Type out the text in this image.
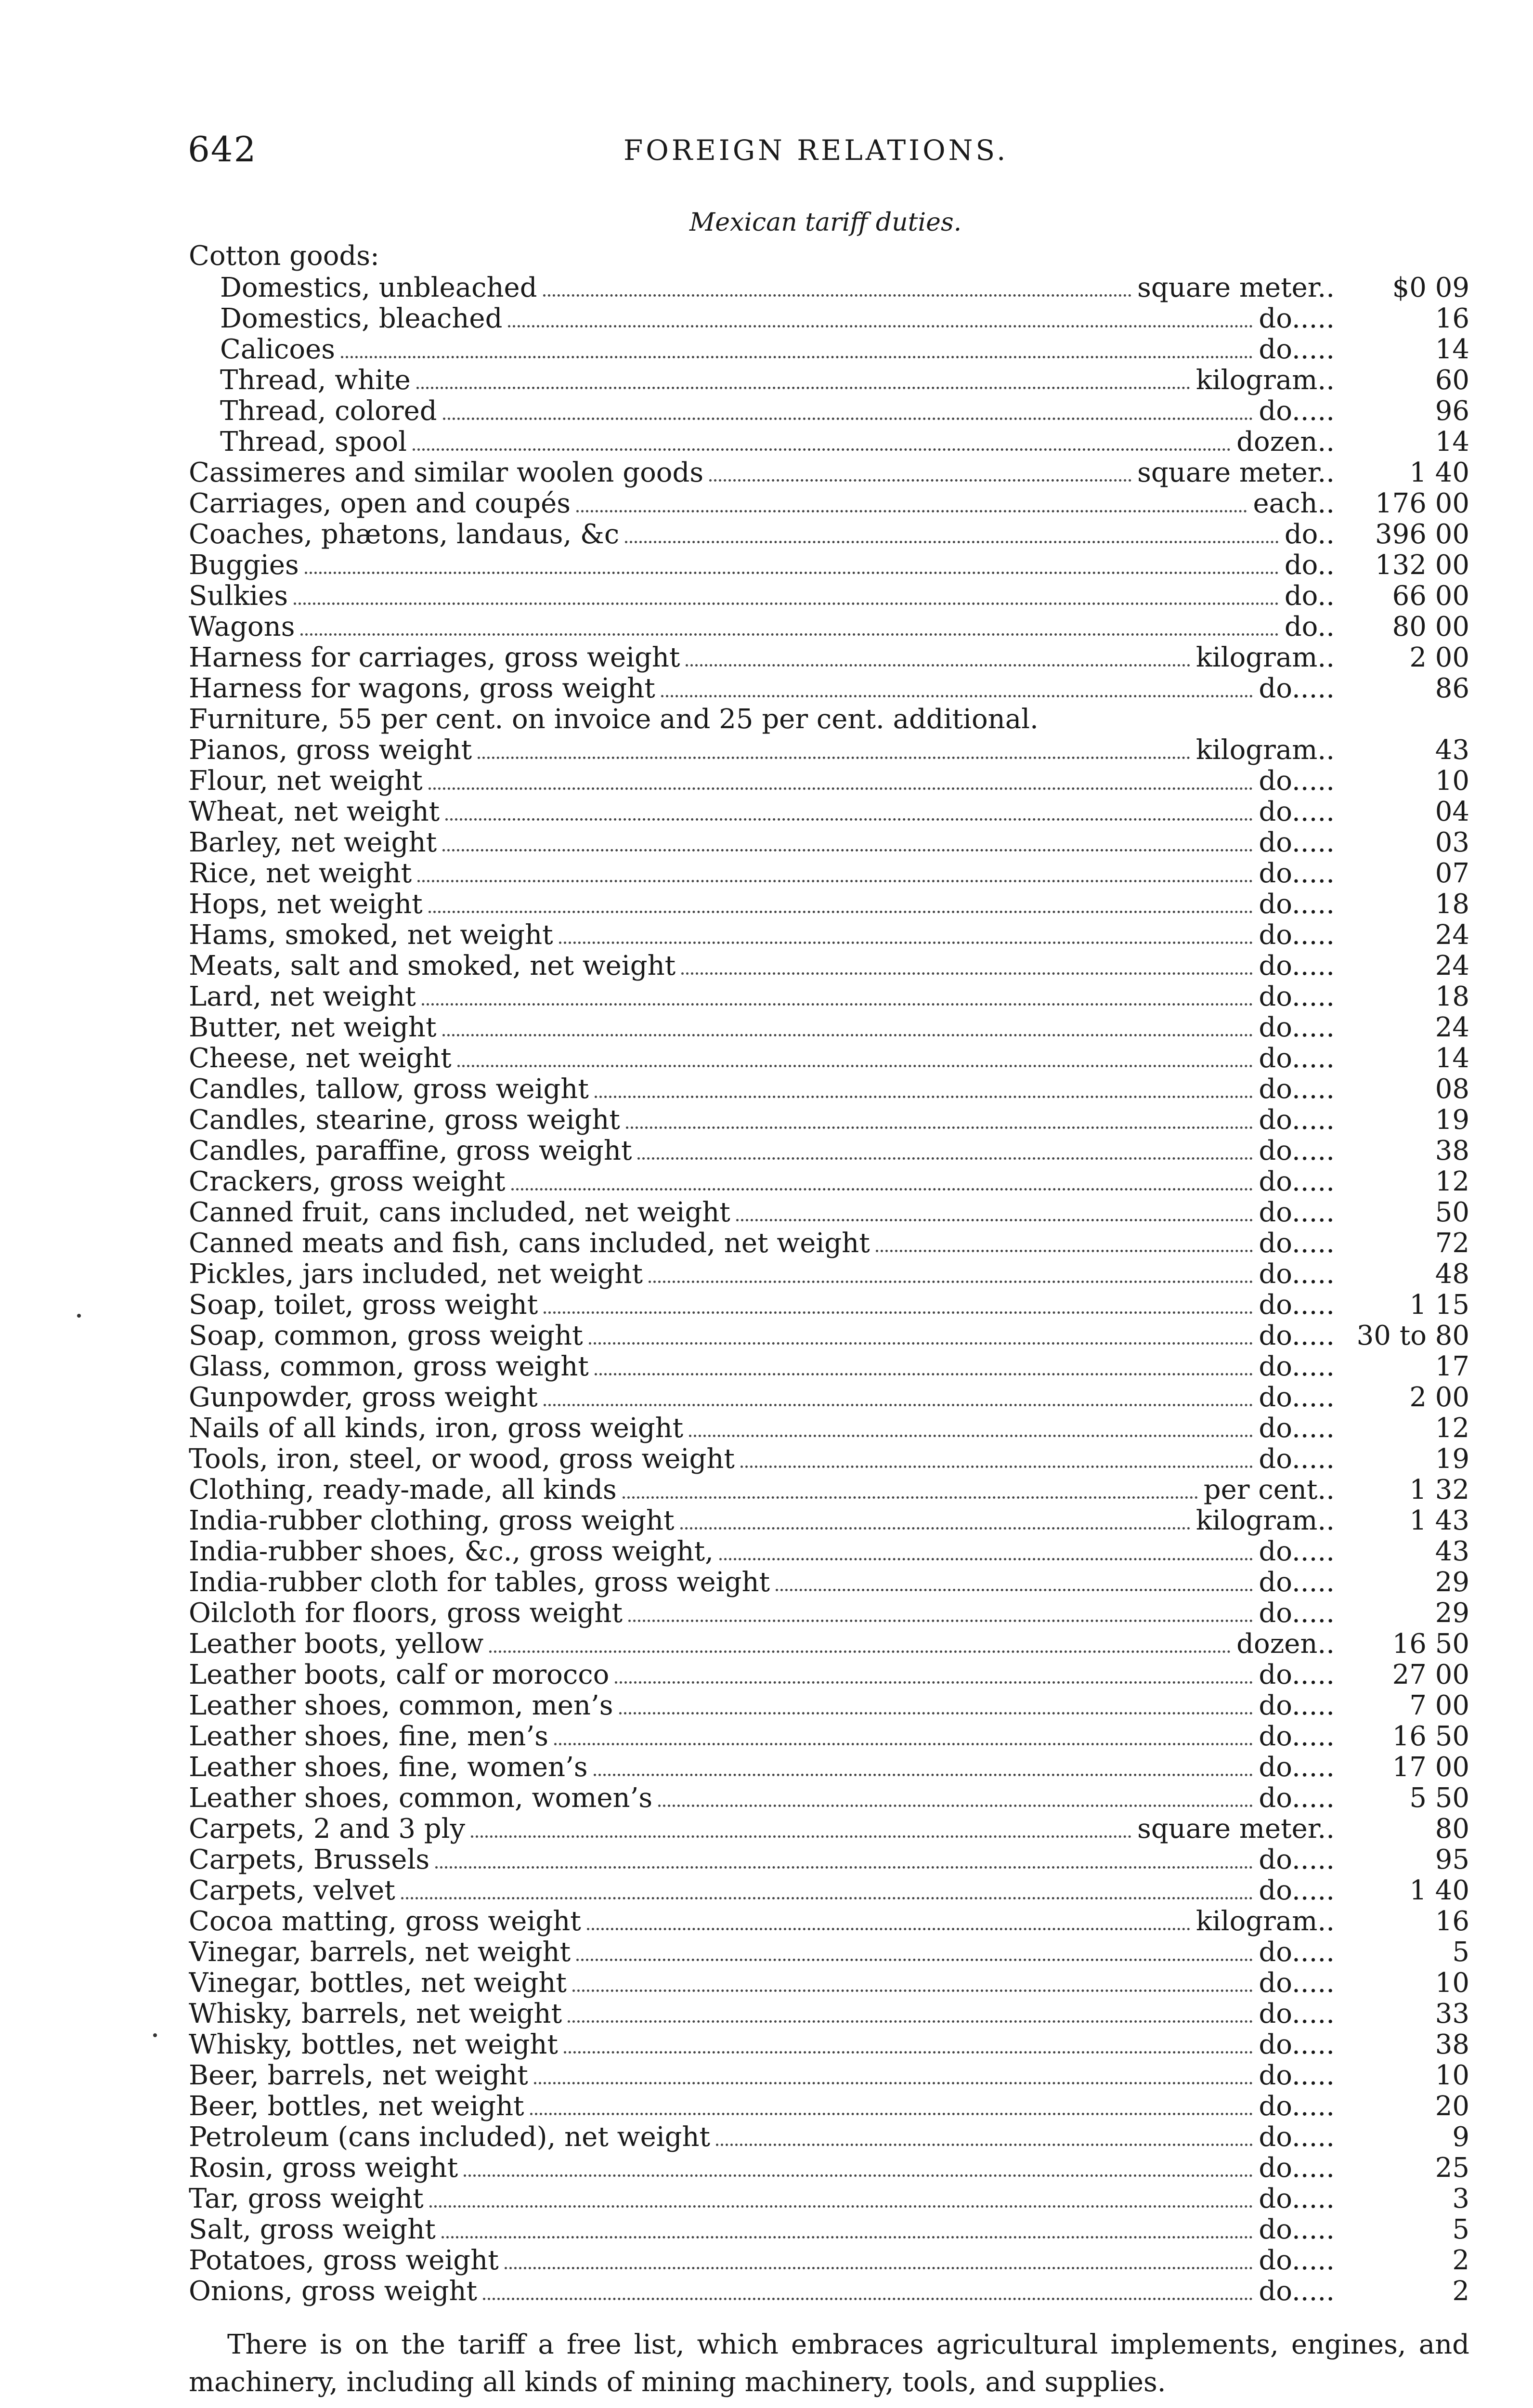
642	FOREIGN RELATIONS.
Mexican tariff duties.
Cotton goods:
Domestics, unbleached	square meter..	$0 09
Domestics, bleached	do.....	16
Calicoes	do.....	14
Thread, white	kilogram..	60
Thread, colored	do.....	96
Thread, spool	dozen..	14
Cassimeres and similar woolen goods	square meter..	1 40
Carriages, open and coupés	each..	176 00
Coaches, phætons, landaus, &c	do..	396 00
Buggies	do..	132 00
Sulkies	do..	66 00
Wagons	do..	80 00
Harness for carriages, gross weight	kilogram..	2 00
Harness for wagons, gross weight	do.....	86
Furniture, 55 per cent. on invoice and 25 per cent. additional.
Pianos, gross weight	kilogram..	43
Flour, net weight	do.....	10
Wheat, net weight	do.....	04
Barley, net weight	do.....	03
Rice, net weight	do.....	07
Hops, net weight	do.....	18
Hams, smoked, net weight	do.....	24
Meats, salt and smoked, net weight	do.....	24
Lard, net weight	do.....	18
Butter, net weight	do.....	24
Cheese, net weight	do.....	14
Candles, tallow, gross weight	do.....	08
Candles, stearine, gross weight	do.....	19
Candles, paraffine, gross weight	do.....	38
Crackers, gross weight	do.....	12
Canned fruit, cans included, net weight	do.....	50
Canned meats and fish, cans included, net weight	do.....	72
Pickles, jars included, net weight	do.....	48
Soap, toilet, gross weight	do.....	1 15
Soap, common, gross weight	do..... 30 to 80
Glass, common, gross weight	do.....	17
Gunpowder, gross weight	do.....	2 00
Nails of all kinds, iron, gross weight	do.....	12
Tools, iron, steel, or wood, gross weight	do.....	19
Clothing, ready-made, all kinds	per cent..	1 32
India-rubber clothing, gross weight	kilogram..	1 43
India-rubber shoes, &c., gross weight,	do.....	43
India-rubber cloth for tables, gross weight	do.....	29
Oilcloth for floors, gross weight	do.....	29
Leather boots, yellow	dozen..	16 50
Leather boots, calf or morocco	do.....	27 00
Leather shoes, common, men’s	do.....	7 00
Leather shoes, fine, men’s	do.....	16 50
Leather shoes, fine, women’s	do.....	17 00
Leather shoes, common, women’s	do.....	5 50
Carpets, 2 and 3 ply	square meter..	80
Carpets, Brussels	do.....	95
Carpets, velvet	do.....	1 40
Cocoa matting, gross weight	kilogram..	16
Vinegar, barrels, net weight	do.....	5
Vinegar, bottles, net weight	do.....	10
Whisky, barrels, net weight	do.....	33
Whisky, bottles, net weight	do.....	38
Beer, barrels, net weight	do.....	10
Beer, bottles, net weight	do.....	20
Petroleum (cans included), net weight	do.....	9
Rosin, gross weight	do.....	25
Tar, gross weight	do.....	3
Salt, gross weight	do.....	5
Potatoes, gross weight	do.....	2
Onions, gross weight	do.....	2
There is on the tariff a free list, which embraces agricultural implements, engines, and machinery, including all kinds of mining machinery, tools, and supplies.
